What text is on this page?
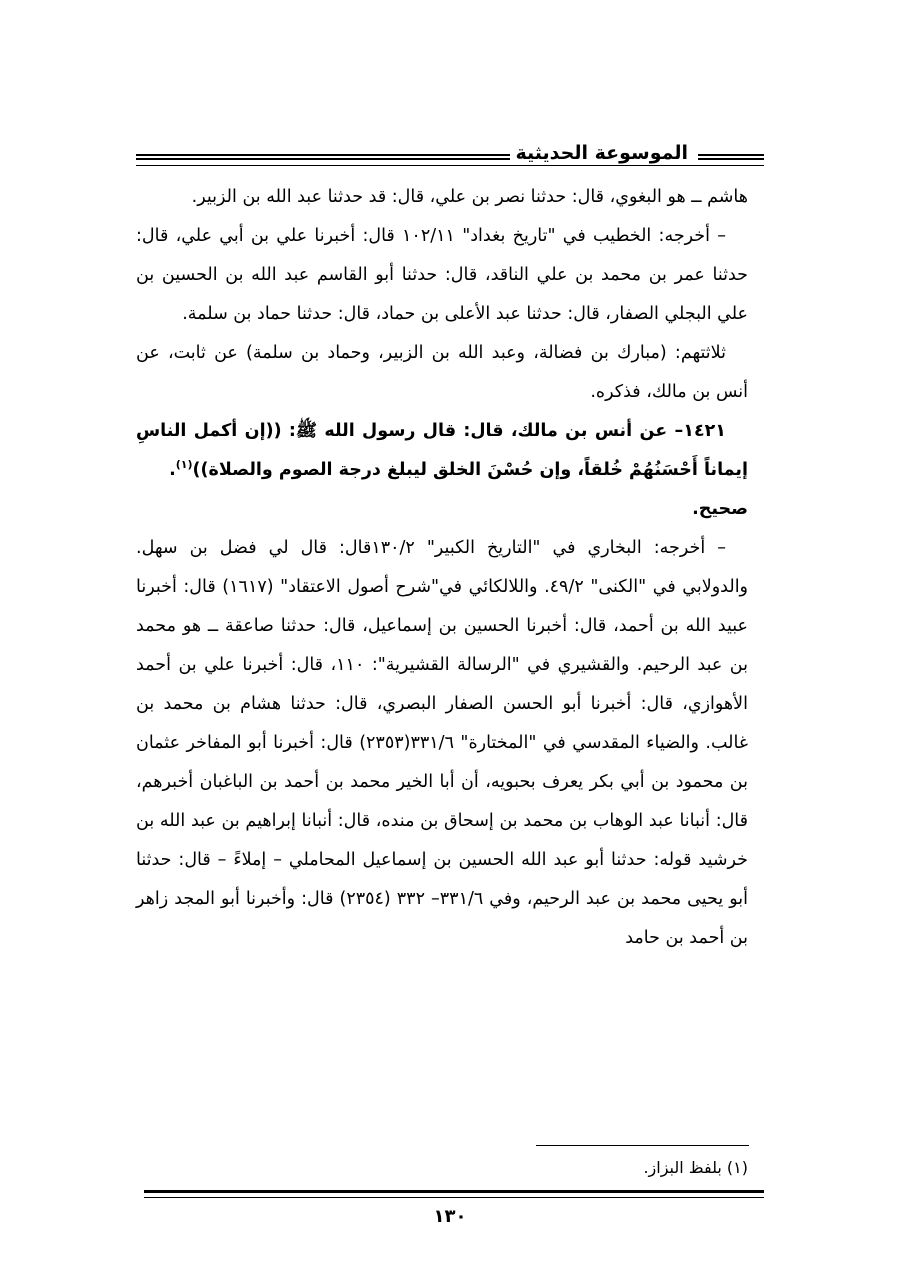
الموسوعة الحديثية

هاشم ــ هو البغوي، قال: حدثنا نصر بن علي، قال: قد حدثنا عبد الله بن الزبير.

– أخرجه: الخطيب في "تاريخ بغداد" ١٠٢/١١ قال: أخبرنا علي بن أبي علي، قال: حدثنا عمر بن محمد بن علي الناقد، قال: حدثنا أبو القاسم عبد الله بن الحسين بن علي البجلي الصفار، قال: حدثنا عبد الأعلى بن حماد، قال: حدثنا حماد بن سلمة.

ثلاثتهم: (مبارك بن فضالة، وعبد الله بن الزبير، وحماد بن سلمة) عن ثابت، عن أنس بن مالك، فذكره.

١٤٢١– عن أنس بن مالك، قال: قال رسول الله ﷺ: ((إن أكمل الناسِ إيماناً أَحْسَنُهُمْ خُلقاً، وإن حُسْنَ الخلق ليبلغ درجة الصوم والصلاة))$^{(١)}$.

صحيح.

– أخرجه: البخاري في "التاريخ الكبير" ١٣٠/٢قال: قال لي فضل بن سهل. والدولابي في "الكنى" ٤٩/٢. واللالكائي في"شرح أصول الاعتقاد" (١٦١٧) قال: أخبرنا عبيد الله بن أحمد، قال: أخبرنا الحسين بن إسماعيل، قال: حدثنا صاعقة ــ هو محمد بن عبد الرحيم. والقشيري في "الرسالة القشيرية": ١١٠، قال: أخبرنا علي بن أحمد الأهوازي، قال: أخبرنا أبو الحسن الصفار البصري، قال: حدثنا هشام بن محمد بن غالب. والضياء المقدسي في "المختارة" ٣٣١/٦(٢٣٥٣) قال: أخبرنا أبو المفاخر عثمان بن محمود بن أبي بكر يعرف بحبويه، أن أبا الخير محمد بن أحمد بن الباغبان أخبرهم، قال: أنبانا عبد الوهاب بن محمد بن إسحاق بن منده، قال: أنبانا إبراهيم بن عبد الله بن خرشيد قوله: حدثنا أبو عبد الله الحسين بن إسماعيل المحاملي – إملاءً – قال: حدثنا أبو يحيى محمد بن عبد الرحيم، وفي ٣٣١/٦– ٣٣٢ (٢٣٥٤) قال: وأخبرنا أبو المجد زاهر بن أحمد بن حامد

(١) بلفظ البزاز.
١٣٠
